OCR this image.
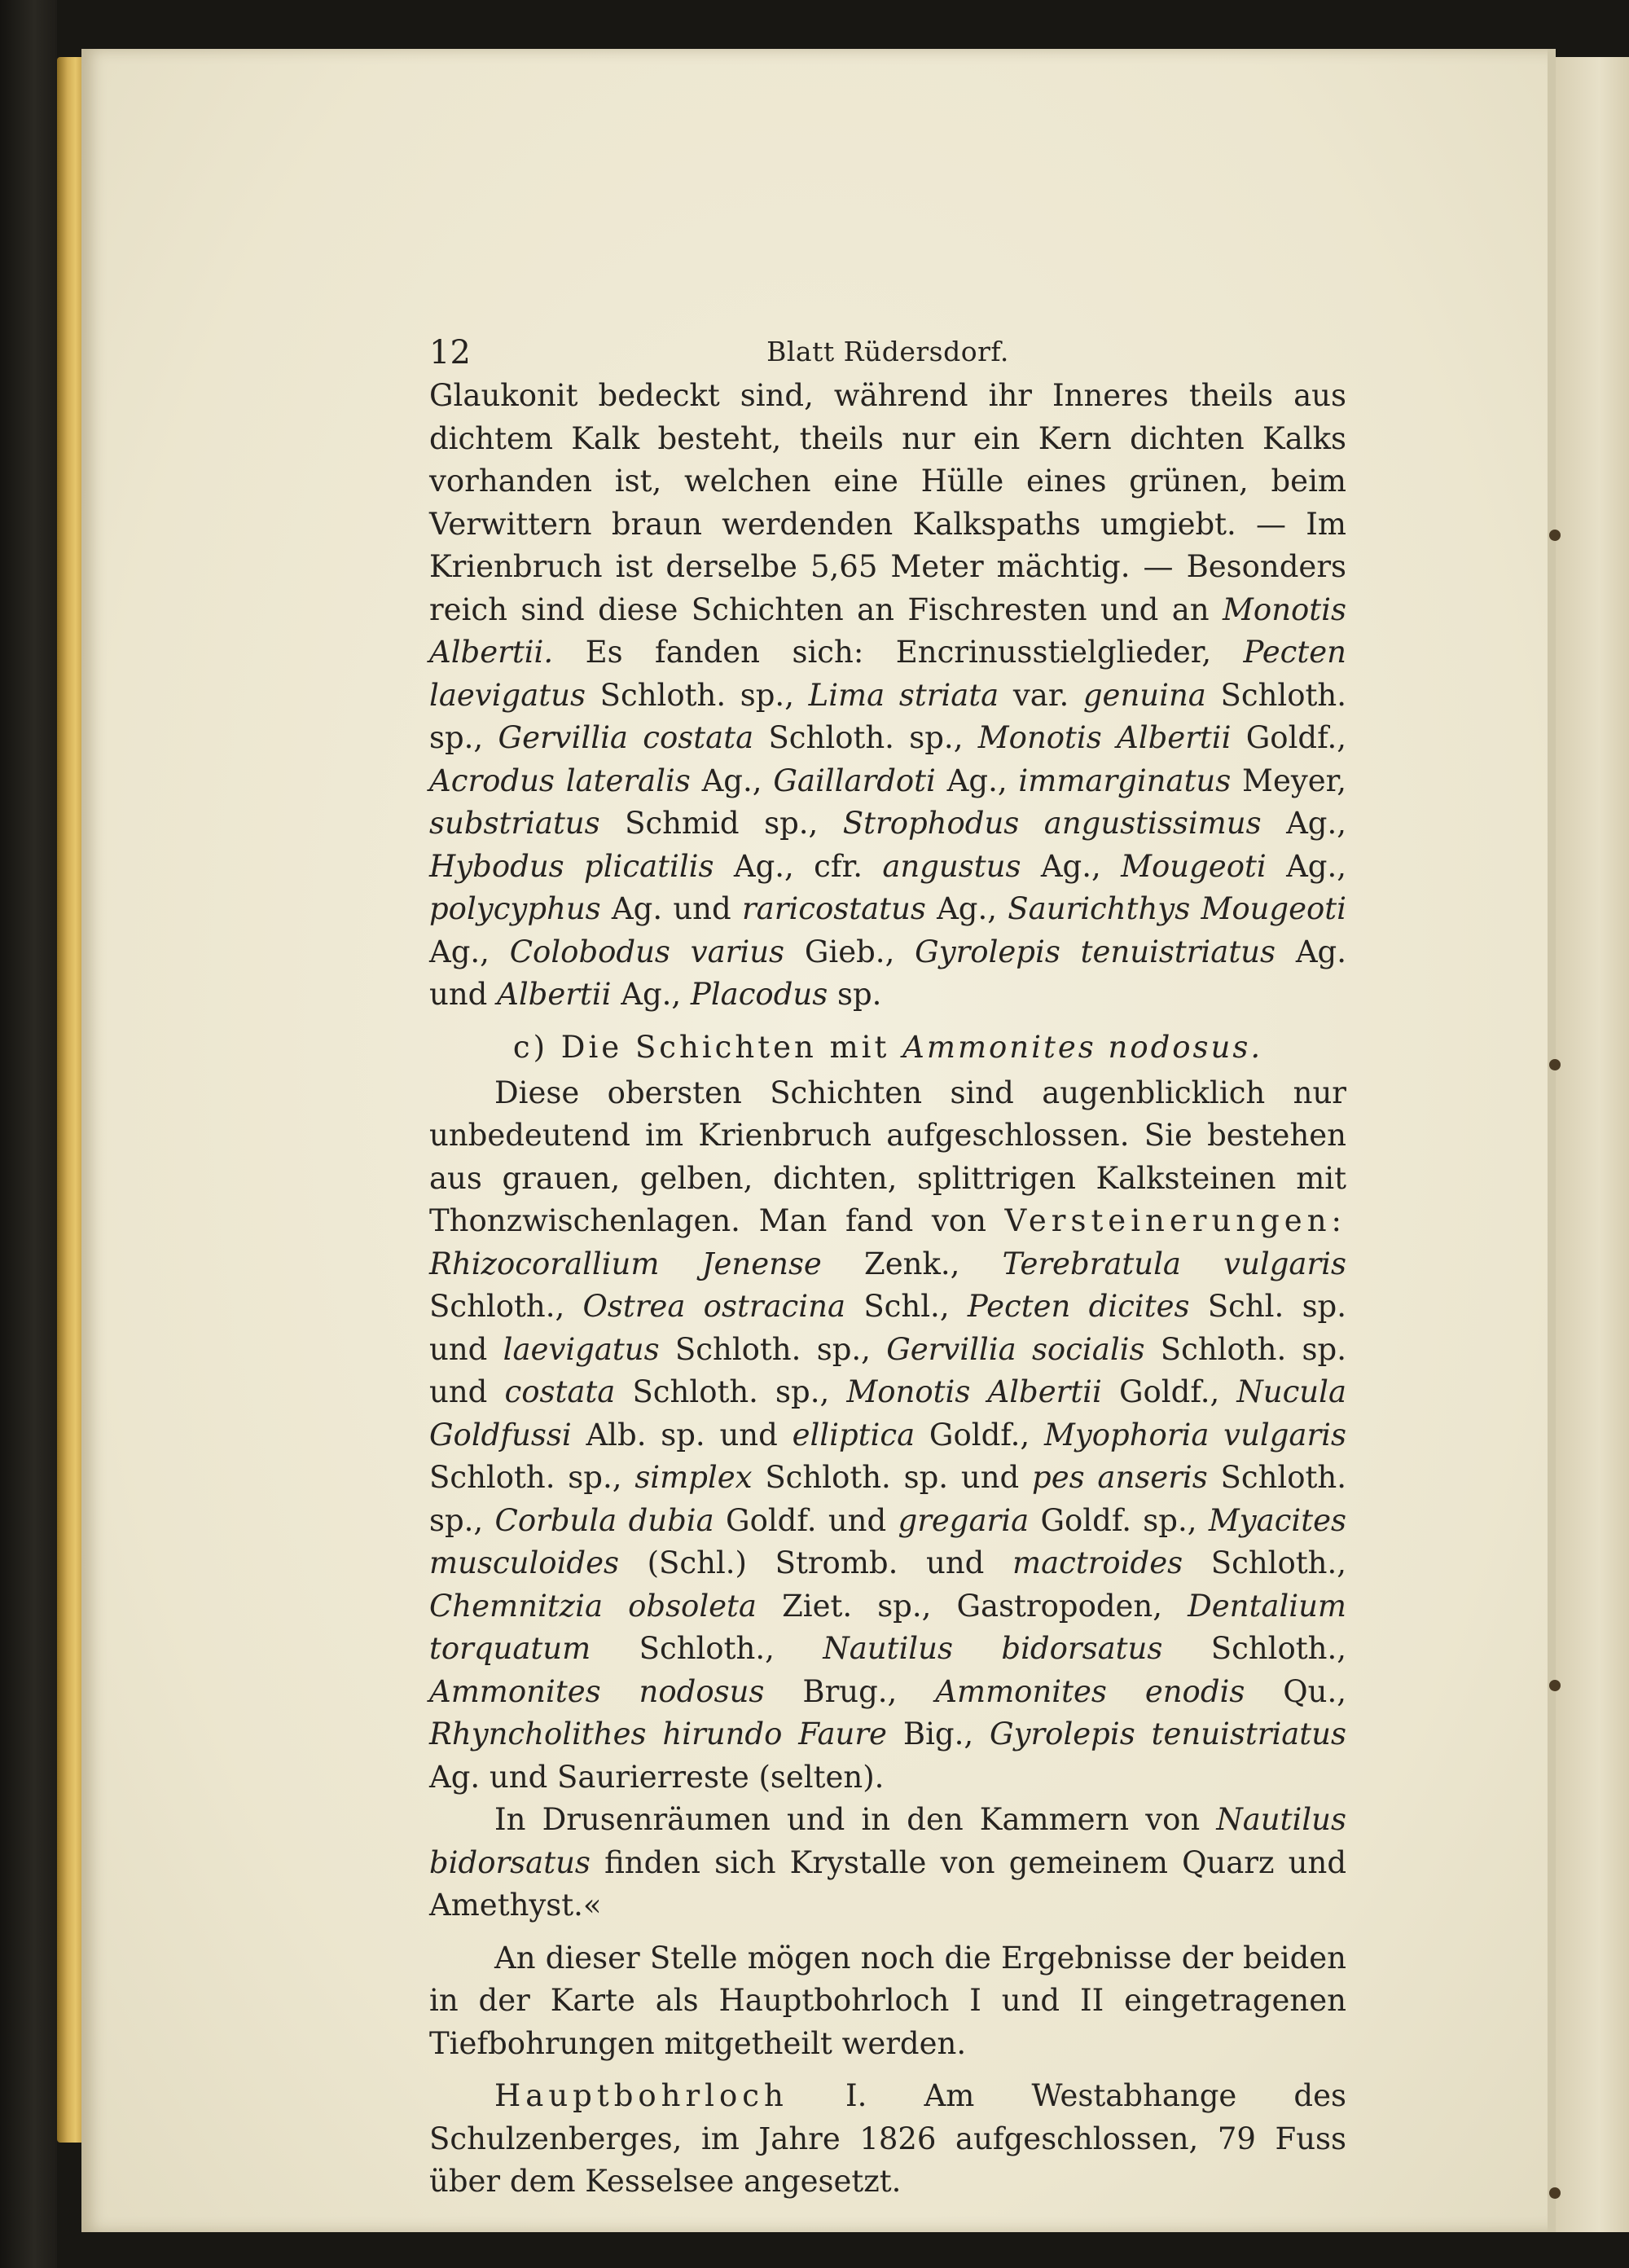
12	Blatt Rüdersdorf.

Glaukonit bedeckt sind, während ihr Inneres theils aus dichtem Kalk besteht, theils nur ein Kern dichten Kalks vorhanden ist, welchen eine Hülle eines grünen, beim Verwittern braun werdenden Kalkspaths umgiebt. — Im Krienbruch ist derselbe 5,65 Meter mächtig. — Besonders reich sind diese Schichten an Fischresten und an Monotis Albertii. Es fanden sich: Encrinusstielglieder, Pecten laevigatus Schloth. sp., Lima striata var. genuina Schloth. sp., Gervillia costata Schloth. sp., Monotis Albertii Goldf., Acrodus lateralis Ag., Gaillardoti Ag., immarginatus Meyer, substriatus Schmid sp., Strophodus angustissimus Ag., Hybodus plicatilis Ag., cfr. angustus Ag., Mougeoti Ag., polycyphus Ag. und raricostatus Ag., Saurichthys Mougeoti Ag., Colobodus varius Gieb., Gyrolepis tenuistriatus Ag. und Albertii Ag., Placodus sp.

c) Die Schichten mit Ammonites nodosus.

Diese obersten Schichten sind augenblicklich nur unbedeutend im Krienbruch aufgeschlossen. Sie bestehen aus grauen, gelben, dichten, splittrigen Kalksteinen mit Thonzwischenlagen. Man fand von Versteinerungen: Rhizocorallium Jenense Zenk., Terebratula vulgaris Schloth., Ostrea ostracina Schl., Pecten dicites Schl. sp. und laevigatus Schloth. sp., Gervillia socialis Schloth. sp. und costata Schloth. sp., Monotis Albertii Goldf., Nucula Goldfussi Alb. sp. und elliptica Goldf., Myophoria vulgaris Schloth. sp., simplex Schloth. sp. und pes anseris Schloth. sp., Corbula dubia Goldf. und gregaria Goldf. sp., Myacites musculoides (Schl.) Stromb. und mactroides Schloth., Chemnitzia obsoleta Ziet. sp., Gastropoden, Dentalium torquatum Schloth., Nautilus bidorsatus Schloth., Ammonites nodosus Brug., Ammonites enodis Qu., Rhyncholithes hirundo Faure Big., Gyrolepis tenuistriatus Ag. und Saurierreste (selten).

In Drusenräumen und in den Kammern von Nautilus bidorsatus finden sich Krystalle von gemeinem Quarz und Amethyst.«

An dieser Stelle mögen noch die Ergebnisse der beiden in der Karte als Hauptbohrloch I und II eingetragenen Tiefbohrungen mitgetheilt werden.

Hauptbohrloch I. Am Westabhange des Schulzenberges, im Jahre 1826 aufgeschlossen, 79 Fuss über dem Kesselsee angesetzt.
